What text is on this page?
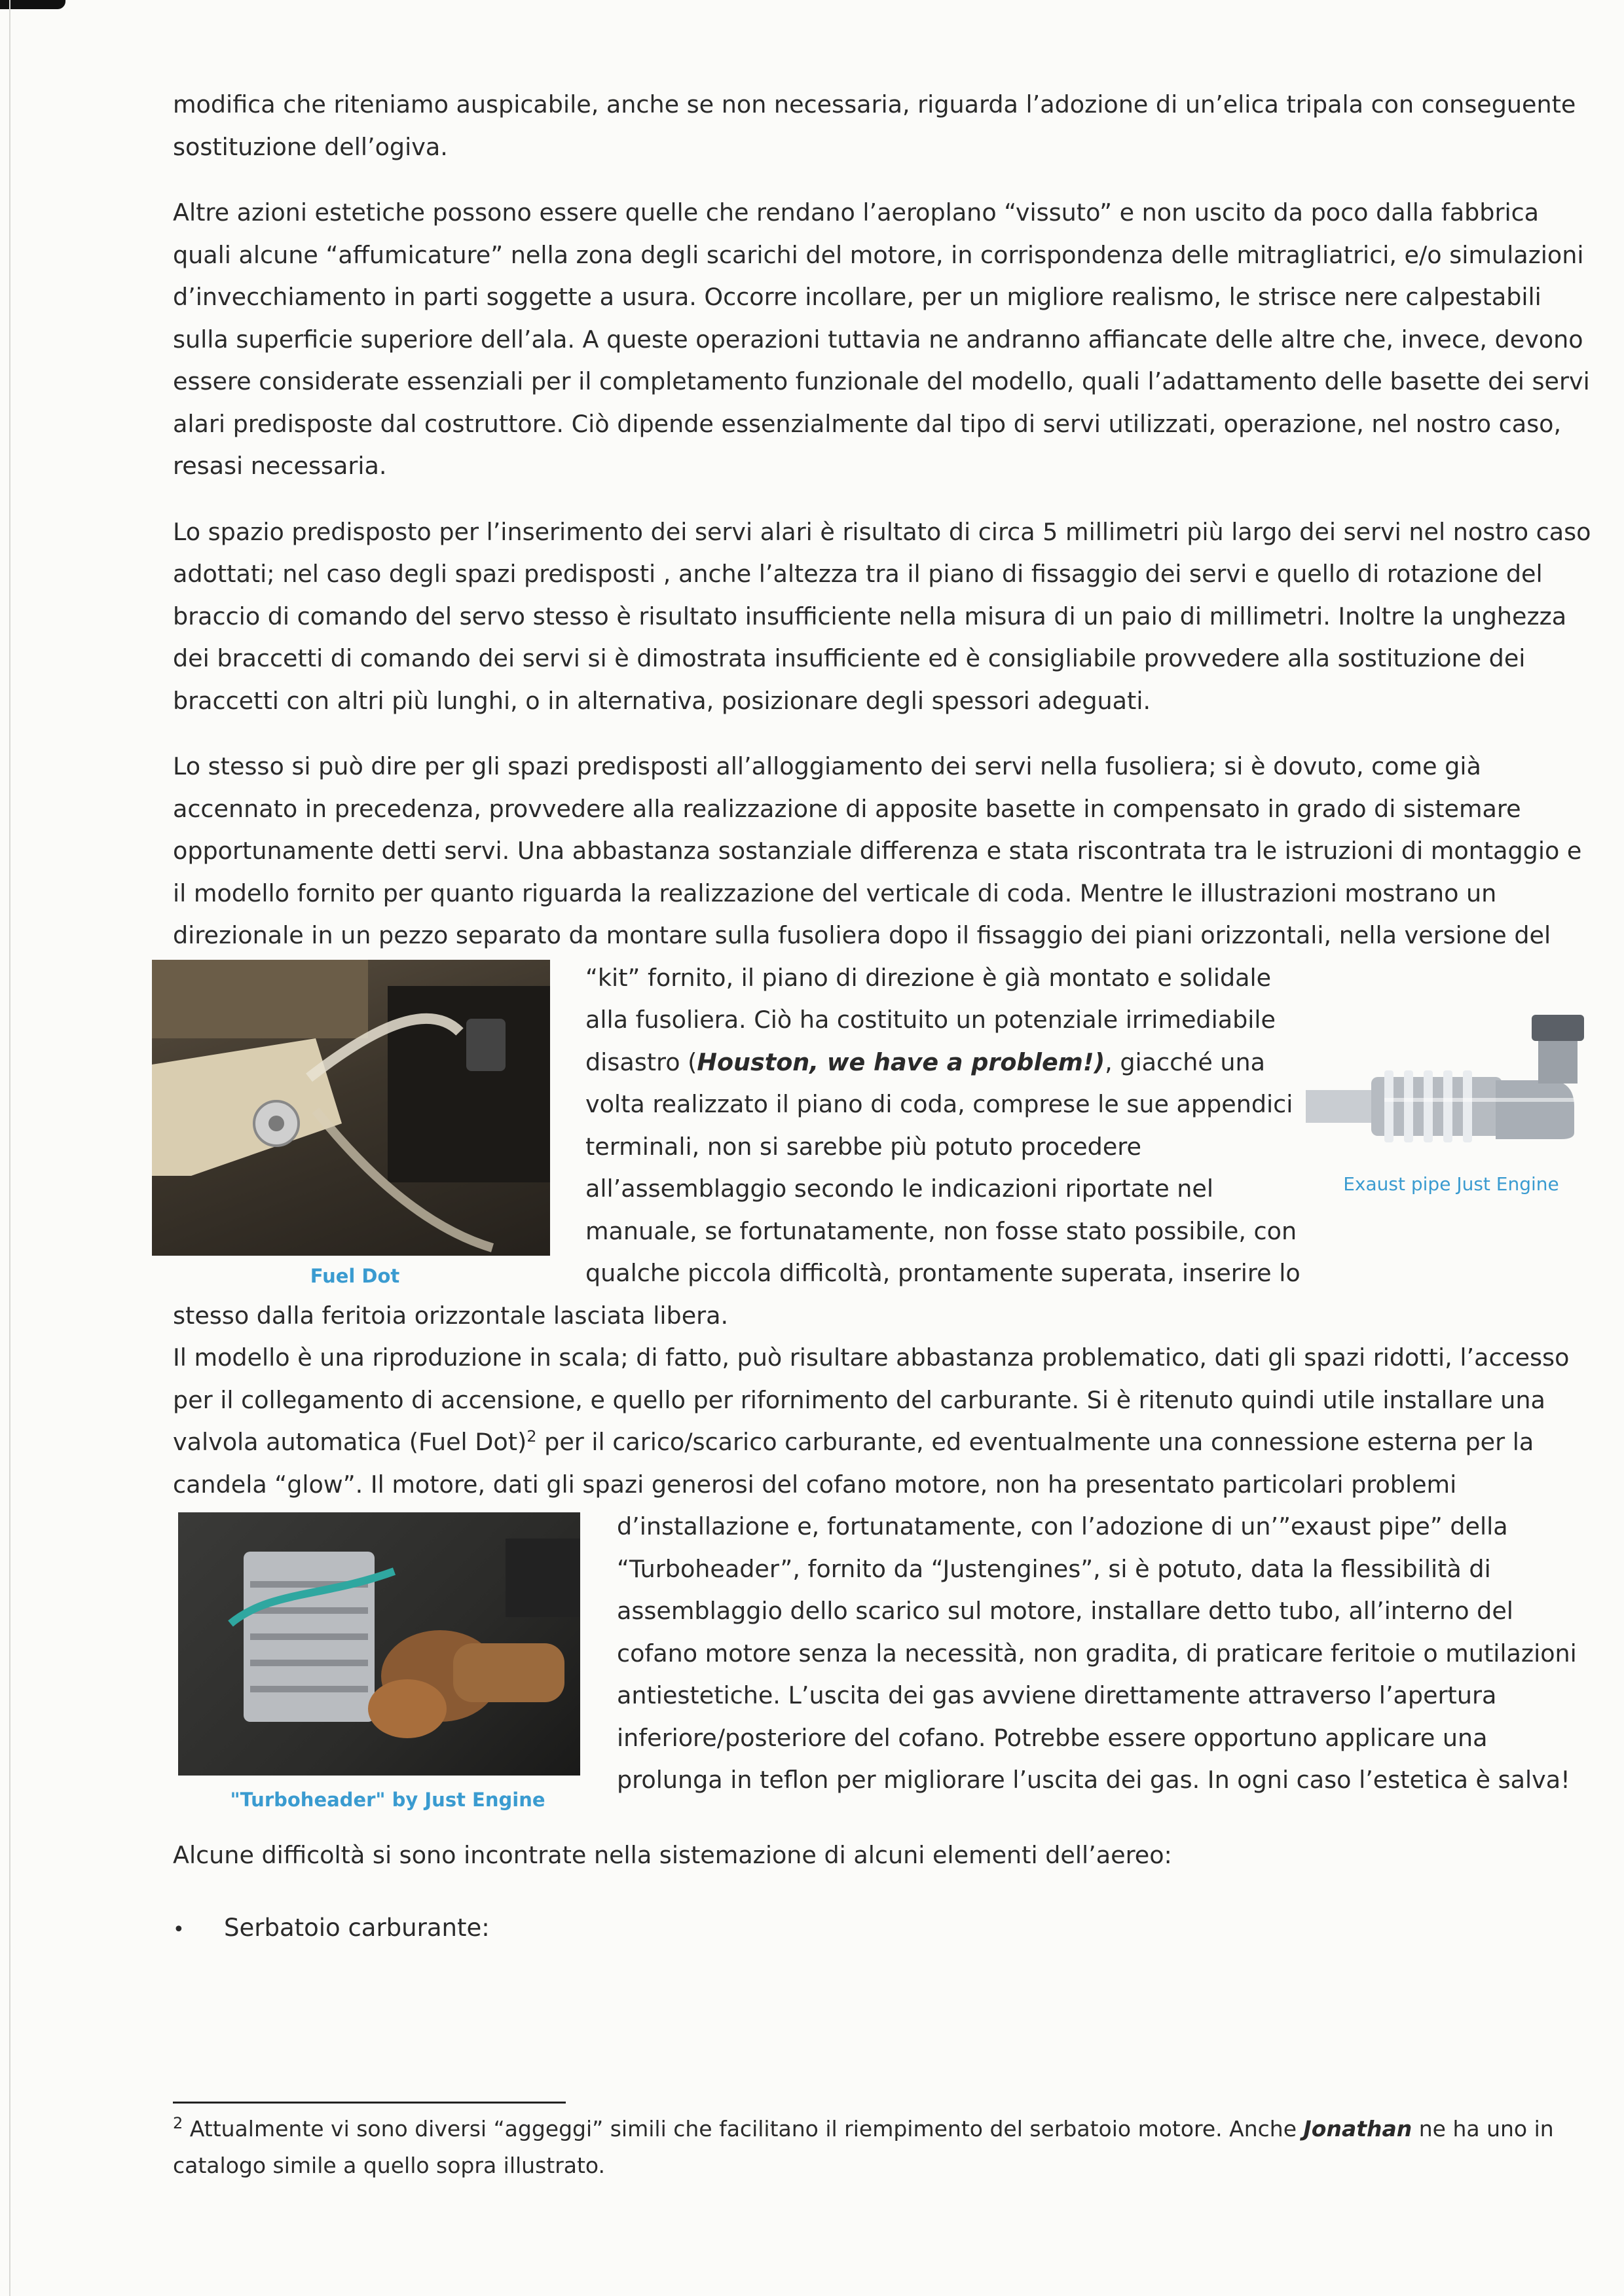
modifica che riteniamo auspicabile, anche se non necessaria, riguarda l’adozione di un’elica tripala con conseguente sostituzione dell’ogiva.

Altre azioni estetiche possono essere quelle che rendano l’aeroplano “vissuto” e non uscito da poco dalla fabbrica quali alcune “affumicature” nella zona degli scarichi del motore, in corrispondenza delle mitragliatrici, e/o simulazioni d’invecchiamento in parti soggette a usura. Occorre incollare, per un migliore realismo, le strisce nere calpestabili sulla superficie superiore dell’ala. A queste operazioni tuttavia ne andranno affiancate delle altre che, invece, devono essere considerate essenziali per il completamento funzionale del modello, quali l’adattamento delle basette dei servi alari predisposte dal costruttore. Ciò dipende essenzialmente dal tipo di servi utilizzati, operazione, nel nostro caso, resasi necessaria.

Lo spazio predisposto per l’inserimento dei servi alari è risultato di circa 5 millimetri più largo dei servi nel nostro caso adottati; nel caso degli spazi predisposti , anche l’altezza tra il piano di fissaggio dei servi e quello di rotazione del braccio di comando del servo stesso è risultato insufficiente nella misura di un paio di millimetri. Inoltre la unghezza dei braccetti di comando dei servi si è dimostrata insufficiente ed è consigliabile provvedere alla sostituzione dei braccetti con altri più lunghi, o in alternativa, posizionare degli spessori adeguati.

Lo stesso si può dire per gli spazi predisposti all’alloggiamento dei servi nella fusoliera; si è dovuto, come già accennato in precedenza, provvedere alla realizzazione di apposite basette in compensato in grado di sistemare opportunamente detti servi. Una abbastanza sostanziale differenza e stata riscontrata tra le istruzioni di montaggio e il modello fornito per quanto riguarda la realizzazione del verticale di coda. Mentre le illustrazioni mostrano un direzionale in un pezzo separato da montare sulla fusoliera dopo il fissaggio dei piani orizzontali, nella versione del

Fuel Dot

“kit” fornito, il piano di direzione è già montato e solidale alla fusoliera. Ciò ha costituito un potenziale irrimediabile disastro (Houston, we have a problem!), giacché una volta realizzato il piano di coda, comprese le sue appendici terminali, non si sarebbe più potuto procedere all’assemblaggio secondo le indicazioni riportate nel manuale, se fortunatamente, non fosse stato possibile, con qualche piccola difficoltà, prontamente superata, inserire lo stesso dalla feritoia orizzontale lasciata libera.

Il modello è una riproduzione in scala; di fatto, può risultare abbastanza problematico, dati gli spazi ridotti, l’accesso per il collegamento di accensione, e quello per rifornimento del carburante. Si è ritenuto quindi utile installare una valvola automatica (Fuel Dot)$^2$ per il carico/scarico carburante, ed eventualmente una connessione esterna per la candela “glow”. Il motore, dati gli spazi generosi del cofano motore, non ha presentato particolari problemi

"Turboheader" by Just Engine

d’installazione e, fortunatamente, con l’adozione di un’”exaust pipe” della “Turboheader”, fornito da “Justengines”, si è potuto, data la flessibilità di assemblaggio dello scarico sul motore, installare detto tubo, all’interno del cofano motore senza la necessità, non gradita, di praticare feritoie o mutilazioni antiestetiche. L’uscita dei gas avviene direttamente attraverso l’apertura inferiore/posteriore del cofano. Potrebbe essere opportuno applicare una prolunga in teflon per migliorare l’uscita dei gas. In ogni caso l’estetica è salva!

Alcune difficoltà si sono incontrate nella sistemazione di alcuni elementi dell’aereo:

•	Serbatoio carburante:
Exaust pipe Just Engine
$^2$ Attualmente vi sono diversi “aggeggi” simili che facilitano il riempimento del serbatoio motore. Anche Jonathan ne ha uno in catalogo simile a quello sopra illustrato.
